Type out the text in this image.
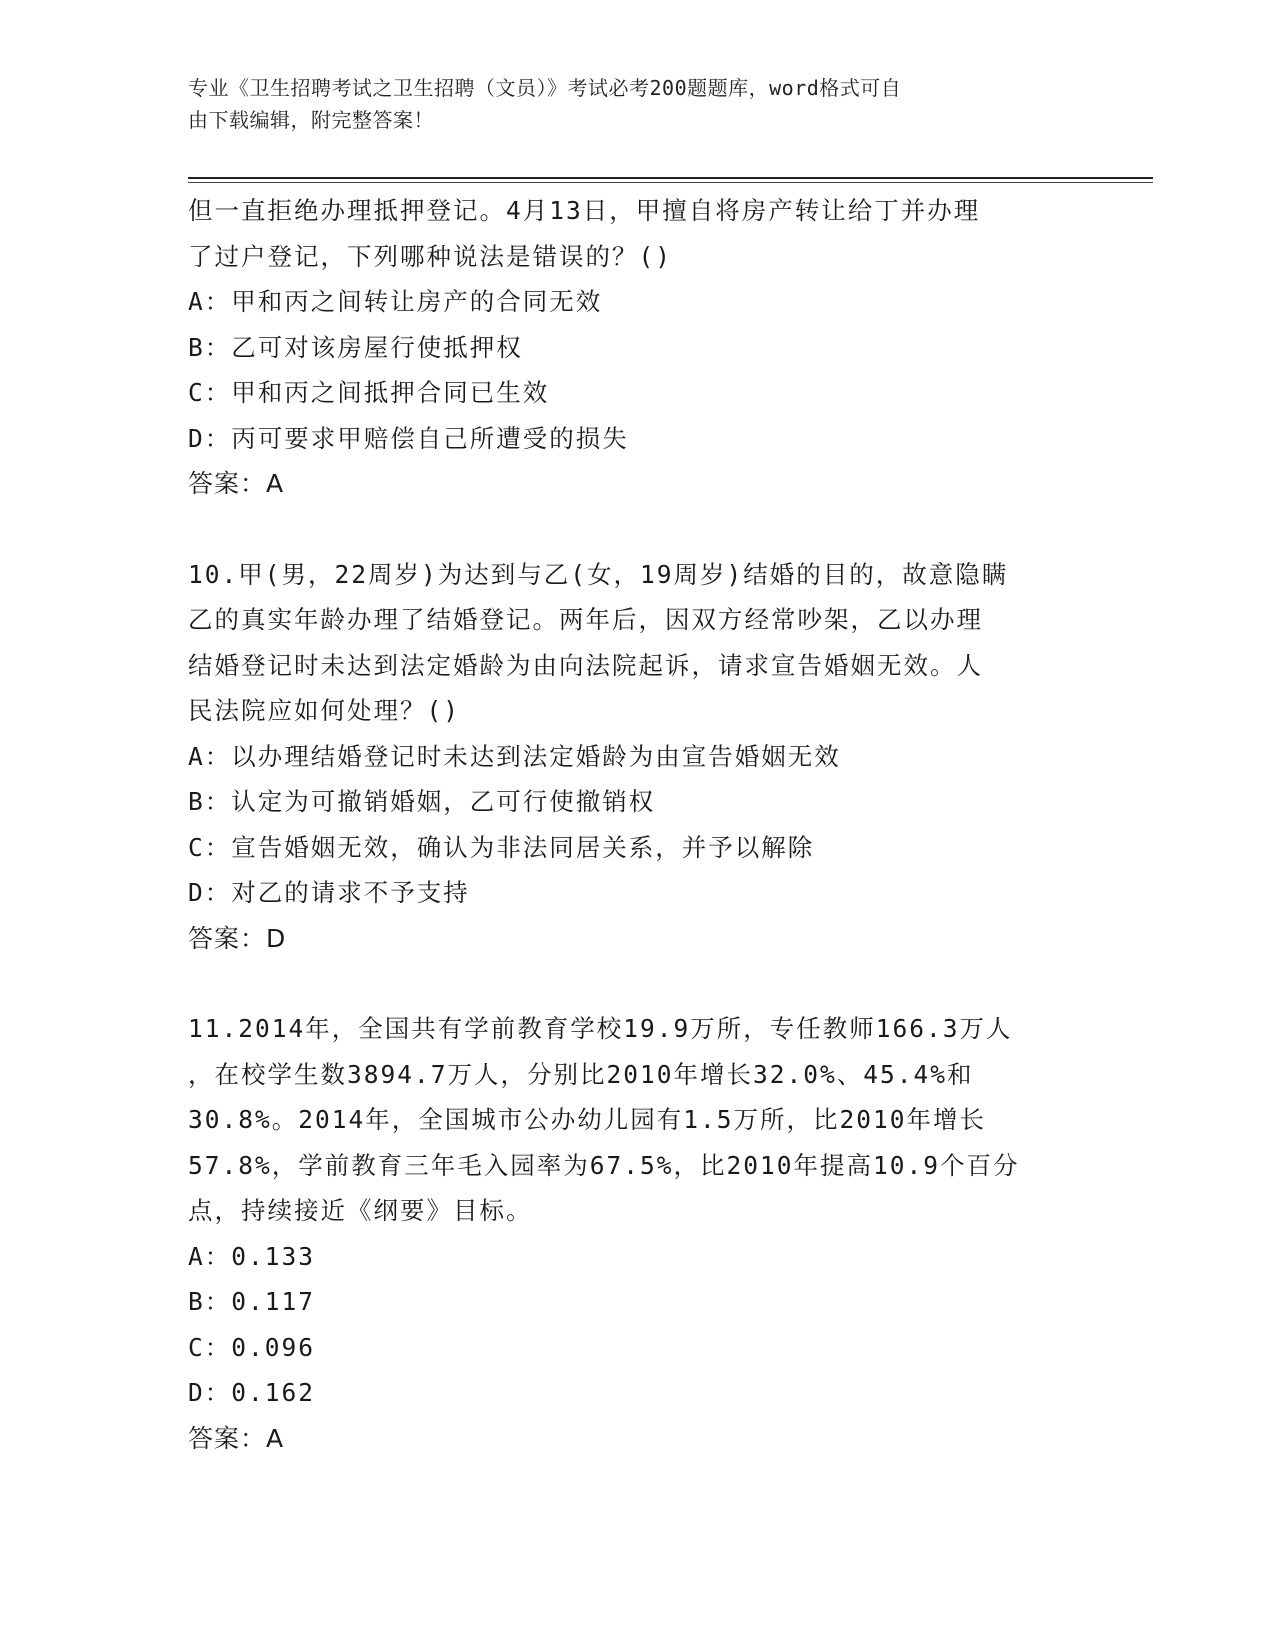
专业《卫生招聘考试之卫生招聘（文员）》考试必考200题题库，word格式可自
由下载编辑，附完整答案！
但一直拒绝办理抵押登记。4月13日，甲擅自将房产转让给丁并办理
了过户登记，下列哪种说法是错误的？()
A：甲和丙之间转让房产的合同无效
B：乙可对该房屋行使抵押权
C：甲和丙之间抵押合同已生效
D：丙可要求甲赔偿自己所遭受的损失
答案：A
10.甲(男，22周岁)为达到与乙(女，19周岁)结婚的目的，故意隐瞒
乙的真实年龄办理了结婚登记。两年后，因双方经常吵架，乙以办理
结婚登记时未达到法定婚龄为由向法院起诉，请求宣告婚姻无效。人
民法院应如何处理？()
A：以办理结婚登记时未达到法定婚龄为由宣告婚姻无效
B：认定为可撤销婚姻，乙可行使撤销权
C：宣告婚姻无效，确认为非法同居关系，并予以解除
D：对乙的请求不予支持
答案：D
11.2014年，全国共有学前教育学校19.9万所，专任教师166.3万人
，在校学生数3894.7万人，分别比2010年增长32.0%、45.4%和
30.8%。2014年，全国城市公办幼儿园有1.5万所，比2010年增长
57.8%，学前教育三年毛入园率为67.5%，比2010年提高10.9个百分
点，持续接近《纲要》目标。
A：0.133
B：0.117
C：0.096
D：0.162
答案：A
